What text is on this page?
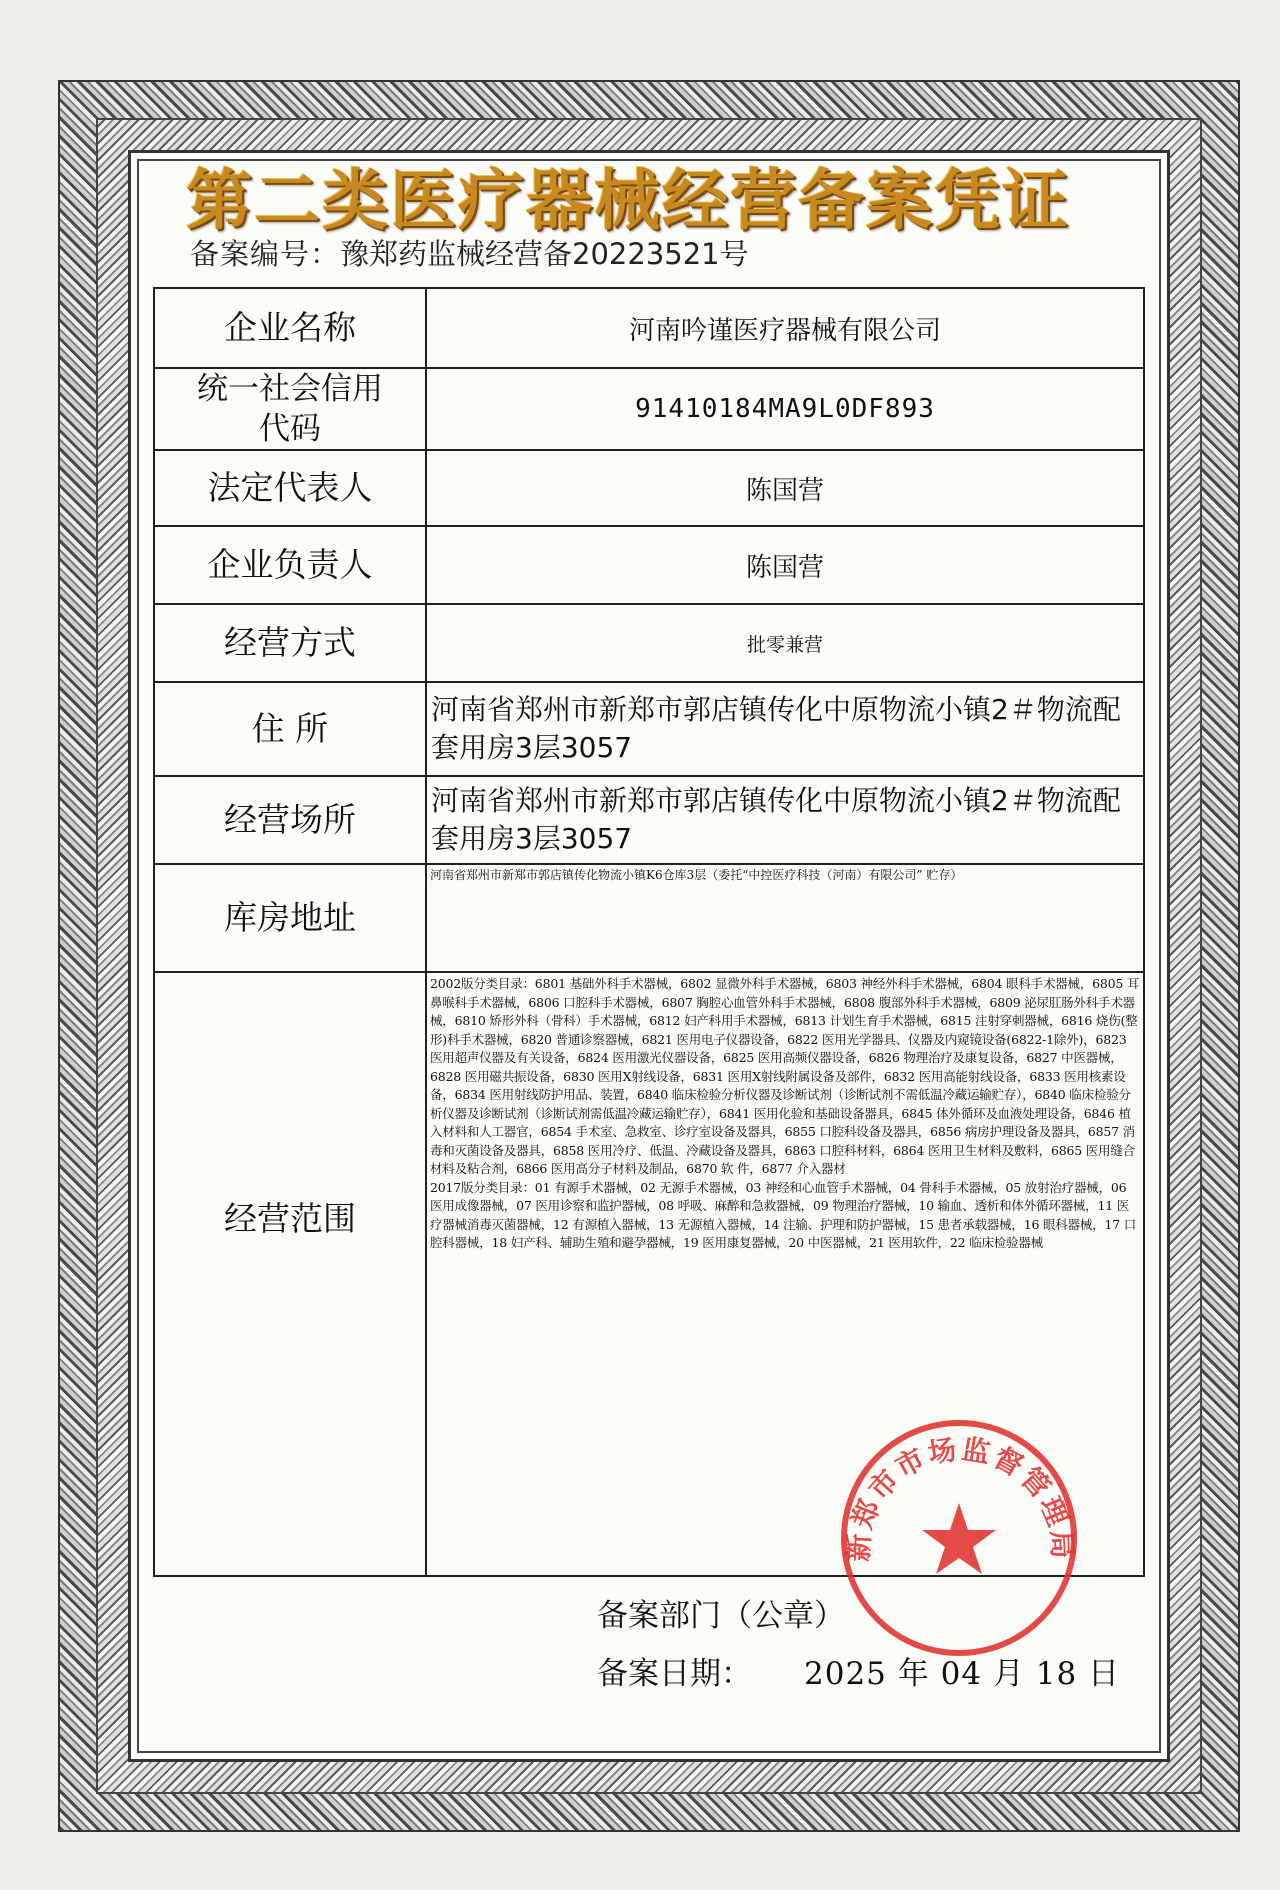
第二类医疗器械经营备案凭证
备案编号：豫郑药监械经营备20223521号
企业名称	河南吟谨医疗器械有限公司
统一社会信用代码	91410184MA9L0DF893
法定代表人	陈国营
企业负责人	陈国营
经营方式	批零兼营
住 所	河南省郑州市新郑市郭店镇传化中原物流小镇2＃物流配套用房3层3057
经营场所	河南省郑州市新郑市郭店镇传化中原物流小镇2＃物流配套用房3层3057
库房地址	河南省郑州市新郑市郭店镇传化物流小镇K6仓库3层（委托“中控医疗科技（河南）有限公司” 贮存）
经营范围	2002版分类目录：6801 基础外科手术器械，6802 显微外科手术器械，6803 神经外科手术器械，6804 眼科手术器械，6805 耳鼻喉科手术器械，6806 口腔科手术器械，6807 胸腔心血管外科手术器械，6808 腹部外科手术器械，6809 泌尿肛肠外科手术器械，6810 矫形外科（骨科）手术器械，6812 妇产科用手术器械，6813 计划生育手术器械，6815 注射穿刺器械，6816 烧伤(整形)科手术器械，6820 普通诊察器械，6821 医用电子仪器设备，6822 医用光学器具、仪器及内窥镜设备(6822-1除外)，6823 医用超声仪器及有关设备，6824 医用激光仪器设备，6825 医用高频仪器设备，6826 物理治疗及康复设备，6827 中医器械，6828 医用磁共振设备，6830 医用X射线设备，6831 医用X射线附属设备及部件，6832 医用高能射线设备，6833 医用核素设备，6834 医用射线防护用品、装置，6840 临床检验分析仪器及诊断试剂（诊断试剂不需低温冷藏运输贮存），6840 临床检验分析仪器及诊断试剂（诊断试剂需低温冷藏运输贮存），6841 医用化验和基础设备器具，6845 体外循环及血液处理设备，6846 植入材料和人工器官，6854 手术室、急救室、诊疗室设备及器具，6855 口腔科设备及器具，6856 病房护理设备及器具，6857 消毒和灭菌设备及器具，6858 医用冷疗、低温、冷藏设备及器具，6863 口腔科材料，6864 医用卫生材料及敷料，6865 医用缝合材料及粘合剂，6866 医用高分子材料及制品，6870 软 件，6877 介入器材
2017版分类目录：01 有源手术器械，02 无源手术器械，03 神经和心血管手术器械，04 骨科手术器械，05 放射治疗器械，06 医用成像器械，07 医用诊察和监护器械，08 呼吸、麻醉和急救器械，09 物理治疗器械，10 输血、透析和体外循环器械，11 医疗器械消毒灭菌器械，12 有源植入器械，13 无源植入器械，14 注输、护理和防护器械，15 患者承载器械，16 眼科器械，17 口腔科器械，18 妇产科、辅助生殖和避孕器械，19 医用康复器械，20 中医器械，21 医用软件，22 临床检验器械
新郑市市场监督管理局
备案部门（公章）
备案日期： 2025 年 04 月 18 日
